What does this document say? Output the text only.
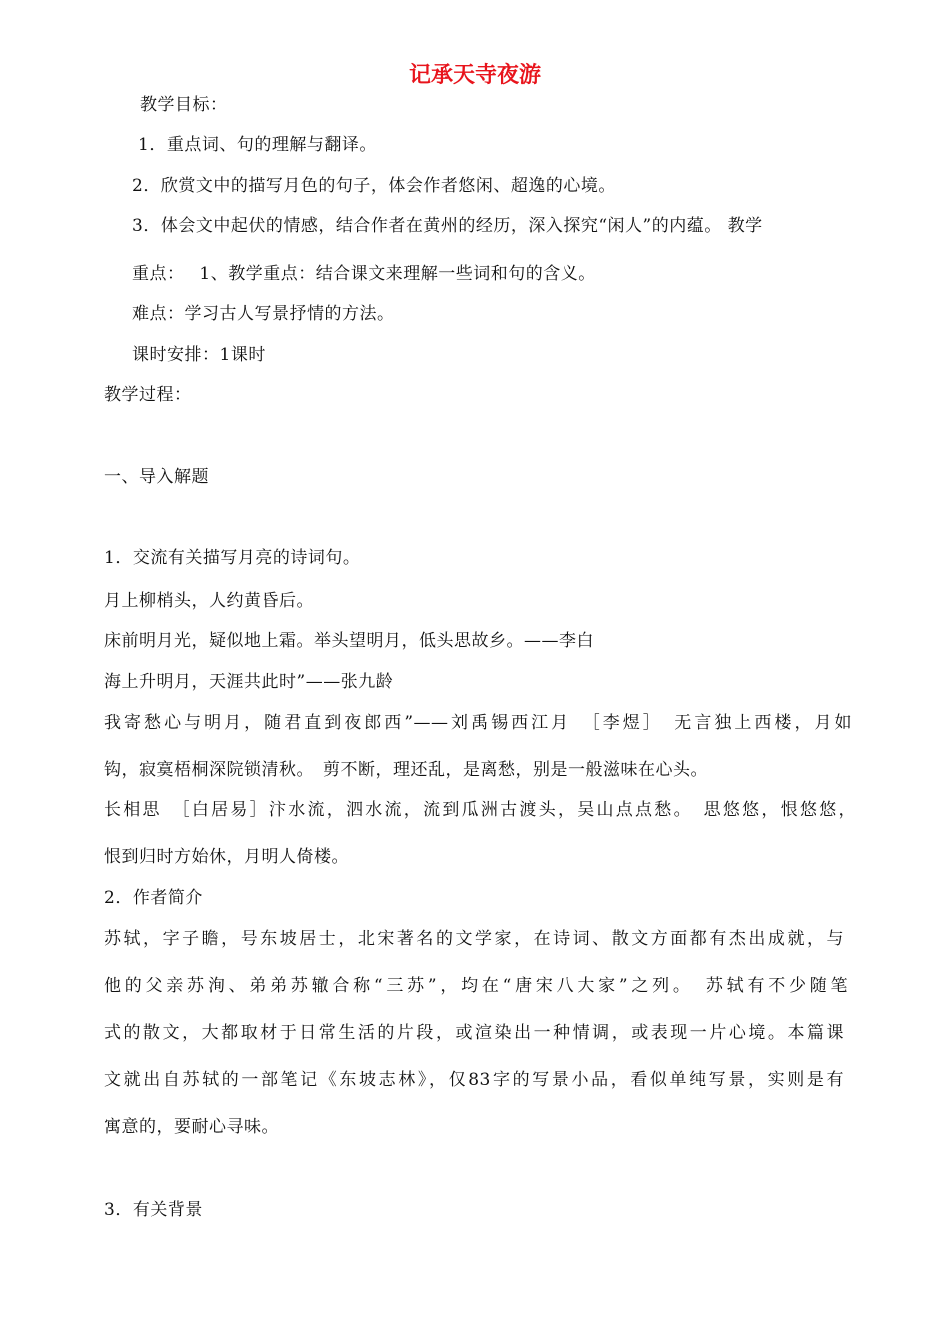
记承天寺夜游
教学目标：
1．重点词、句的理解与翻译。
2．欣赏文中的描写月色的句子，体会作者悠闲、超逸的心境。
3．体会文中起伏的情感，结合作者在黄州的经历，深入探究“闲人”的内蕴。 教学
重点：　 1、教学重点：结合课文来理解一些词和句的含义。
难点：学习古人写景抒情的方法。
课时安排：1课时
教学过程：
一、导入解题
1．交流有关描写月亮的诗词句。
月上柳梢头，人约黄昏后。
床前明月光，疑似地上霜。举头望明月，低头思故乡。——李白
海上升明月，天涯共此时”——张九龄
我寄愁心与明月，随君直到夜郎西”——刘禹锡西江月　［李煜］　无言独上西楼，月如
钩，寂寞梧桐深院锁清秋。　剪不断，理还乱，是离愁，别是一般滋味在心头。
长相思　［白居易］汴水流，泗水流，流到瓜洲古渡头，吴山点点愁。　思悠悠，恨悠悠，
恨到归时方始休，月明人倚楼。
2．作者简介
苏轼，字子瞻，号东坡居士，北宋著名的文学家，在诗词、散文方面都有杰出成就，与
他的父亲苏洵、弟弟苏辙合称“三苏”，均在“唐宋八大家”之列。　苏轼有不少随笔
式的散文，大都取材于日常生活的片段，或渲染出一种情调，或表现一片心境。本篇课
文就出自苏轼的一部笔记《东坡志林》，仅83字的写景小品，看似单纯写景，实则是有
寓意的，要耐心寻味。
3．有关背景
